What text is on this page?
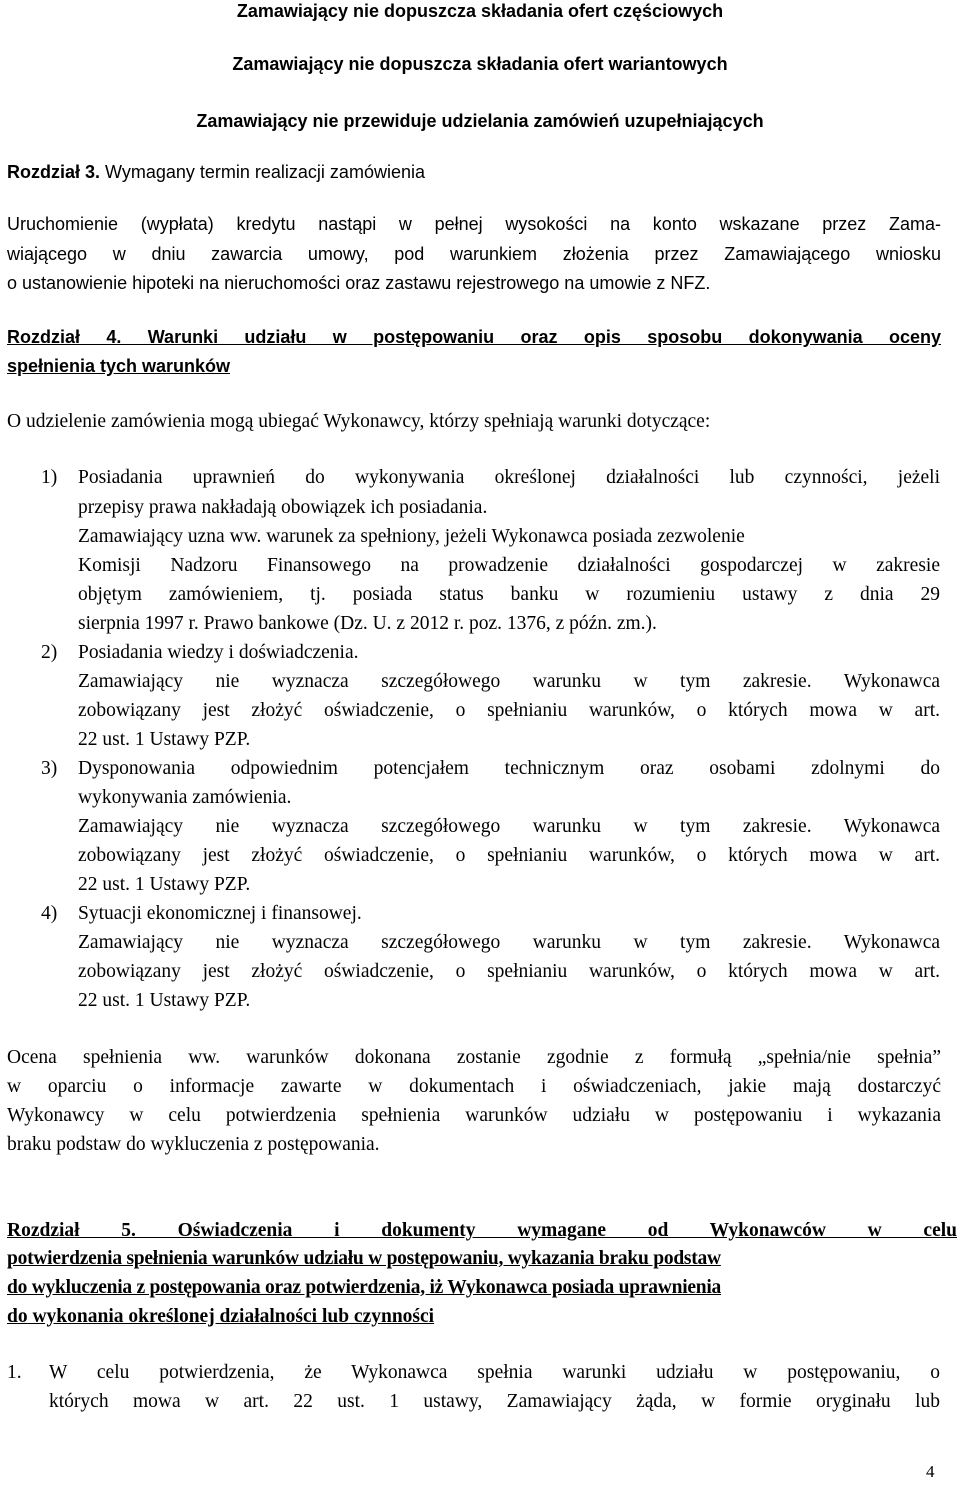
Zamawiający nie dopuszcza składania ofert częściowych
Zamawiający nie dopuszcza składania ofert wariantowych
Zamawiający nie przewiduje udzielania zamówień uzupełniających
Rozdział 3. Wymagany termin realizacji zamówienia
Uruchomienie (wypłata) kredytu nastąpi w pełnej wysokości na konto wskazane przez Zama-
wiającego w dniu zawarcia umowy, pod warunkiem złożenia przez Zamawiającego wniosku
o ustanowienie hipoteki na nieruchomości oraz zastawu rejestrowego na umowie z NFZ.
Rozdział 4. Warunki udziału w postępowaniu oraz opis sposobu dokonywania oceny
spełnienia tych warunków
O udzielenie zamówienia mogą ubiegać Wykonawcy, którzy spełniają warunki dotyczące:
1) Posiadania uprawnień do wykonywania określonej działalności lub czynności, jeżeli
przepisy prawa nakładają obowiązek ich posiadania.
Zamawiający uzna ww. warunek za spełniony, jeżeli Wykonawca posiada zezwolenie
Komisji Nadzoru Finansowego na prowadzenie działalności gospodarczej w zakresie
objętym zamówieniem, tj. posiada status banku w rozumieniu ustawy z dnia 29
sierpnia 1997 r. Prawo bankowe (Dz. U. z 2012 r. poz. 1376, z późn. zm.).
2) Posiadania wiedzy i doświadczenia.
Zamawiający nie wyznacza szczegółowego warunku w tym zakresie. Wykonawca
zobowiązany jest złożyć oświadczenie, o spełnianiu warunków, o których mowa w art.
22 ust. 1 Ustawy PZP.
3) Dysponowania odpowiednim potencjałem technicznym oraz osobami zdolnymi do
wykonywania zamówienia.
Zamawiający nie wyznacza szczegółowego warunku w tym zakresie. Wykonawca
zobowiązany jest złożyć oświadczenie, o spełnianiu warunków, o których mowa w art.
22 ust. 1 Ustawy PZP.
4) Sytuacji ekonomicznej i finansowej.
Zamawiający nie wyznacza szczegółowego warunku w tym zakresie. Wykonawca
zobowiązany jest złożyć oświadczenie, o spełnianiu warunków, o których mowa w art.
22 ust. 1 Ustawy PZP.
Ocena spełnienia ww. warunków dokonana zostanie zgodnie z formułą „spełnia/nie spełnia”
w oparciu o informacje zawarte w dokumentach i oświadczeniach, jakie mają dostarczyć
Wykonawcy w celu potwierdzenia spełnienia warunków udziału w postępowaniu i wykazania
braku podstaw do wykluczenia z postępowania.
Rozdział 5. Oświadczenia i dokumenty wymagane od Wykonawców w celu
potwierdzenia spełnienia warunków udziału w postępowaniu, wykazania braku podstaw
do wykluczenia z postępowania oraz potwierdzenia, iż Wykonawca posiada uprawnienia
do wykonania określonej działalności lub czynności
1. W celu potwierdzenia, że Wykonawca spełnia warunki udziału w postępowaniu, o
których mowa w art. 22 ust. 1 ustawy, Zamawiający żąda, w formie oryginału lub
4
